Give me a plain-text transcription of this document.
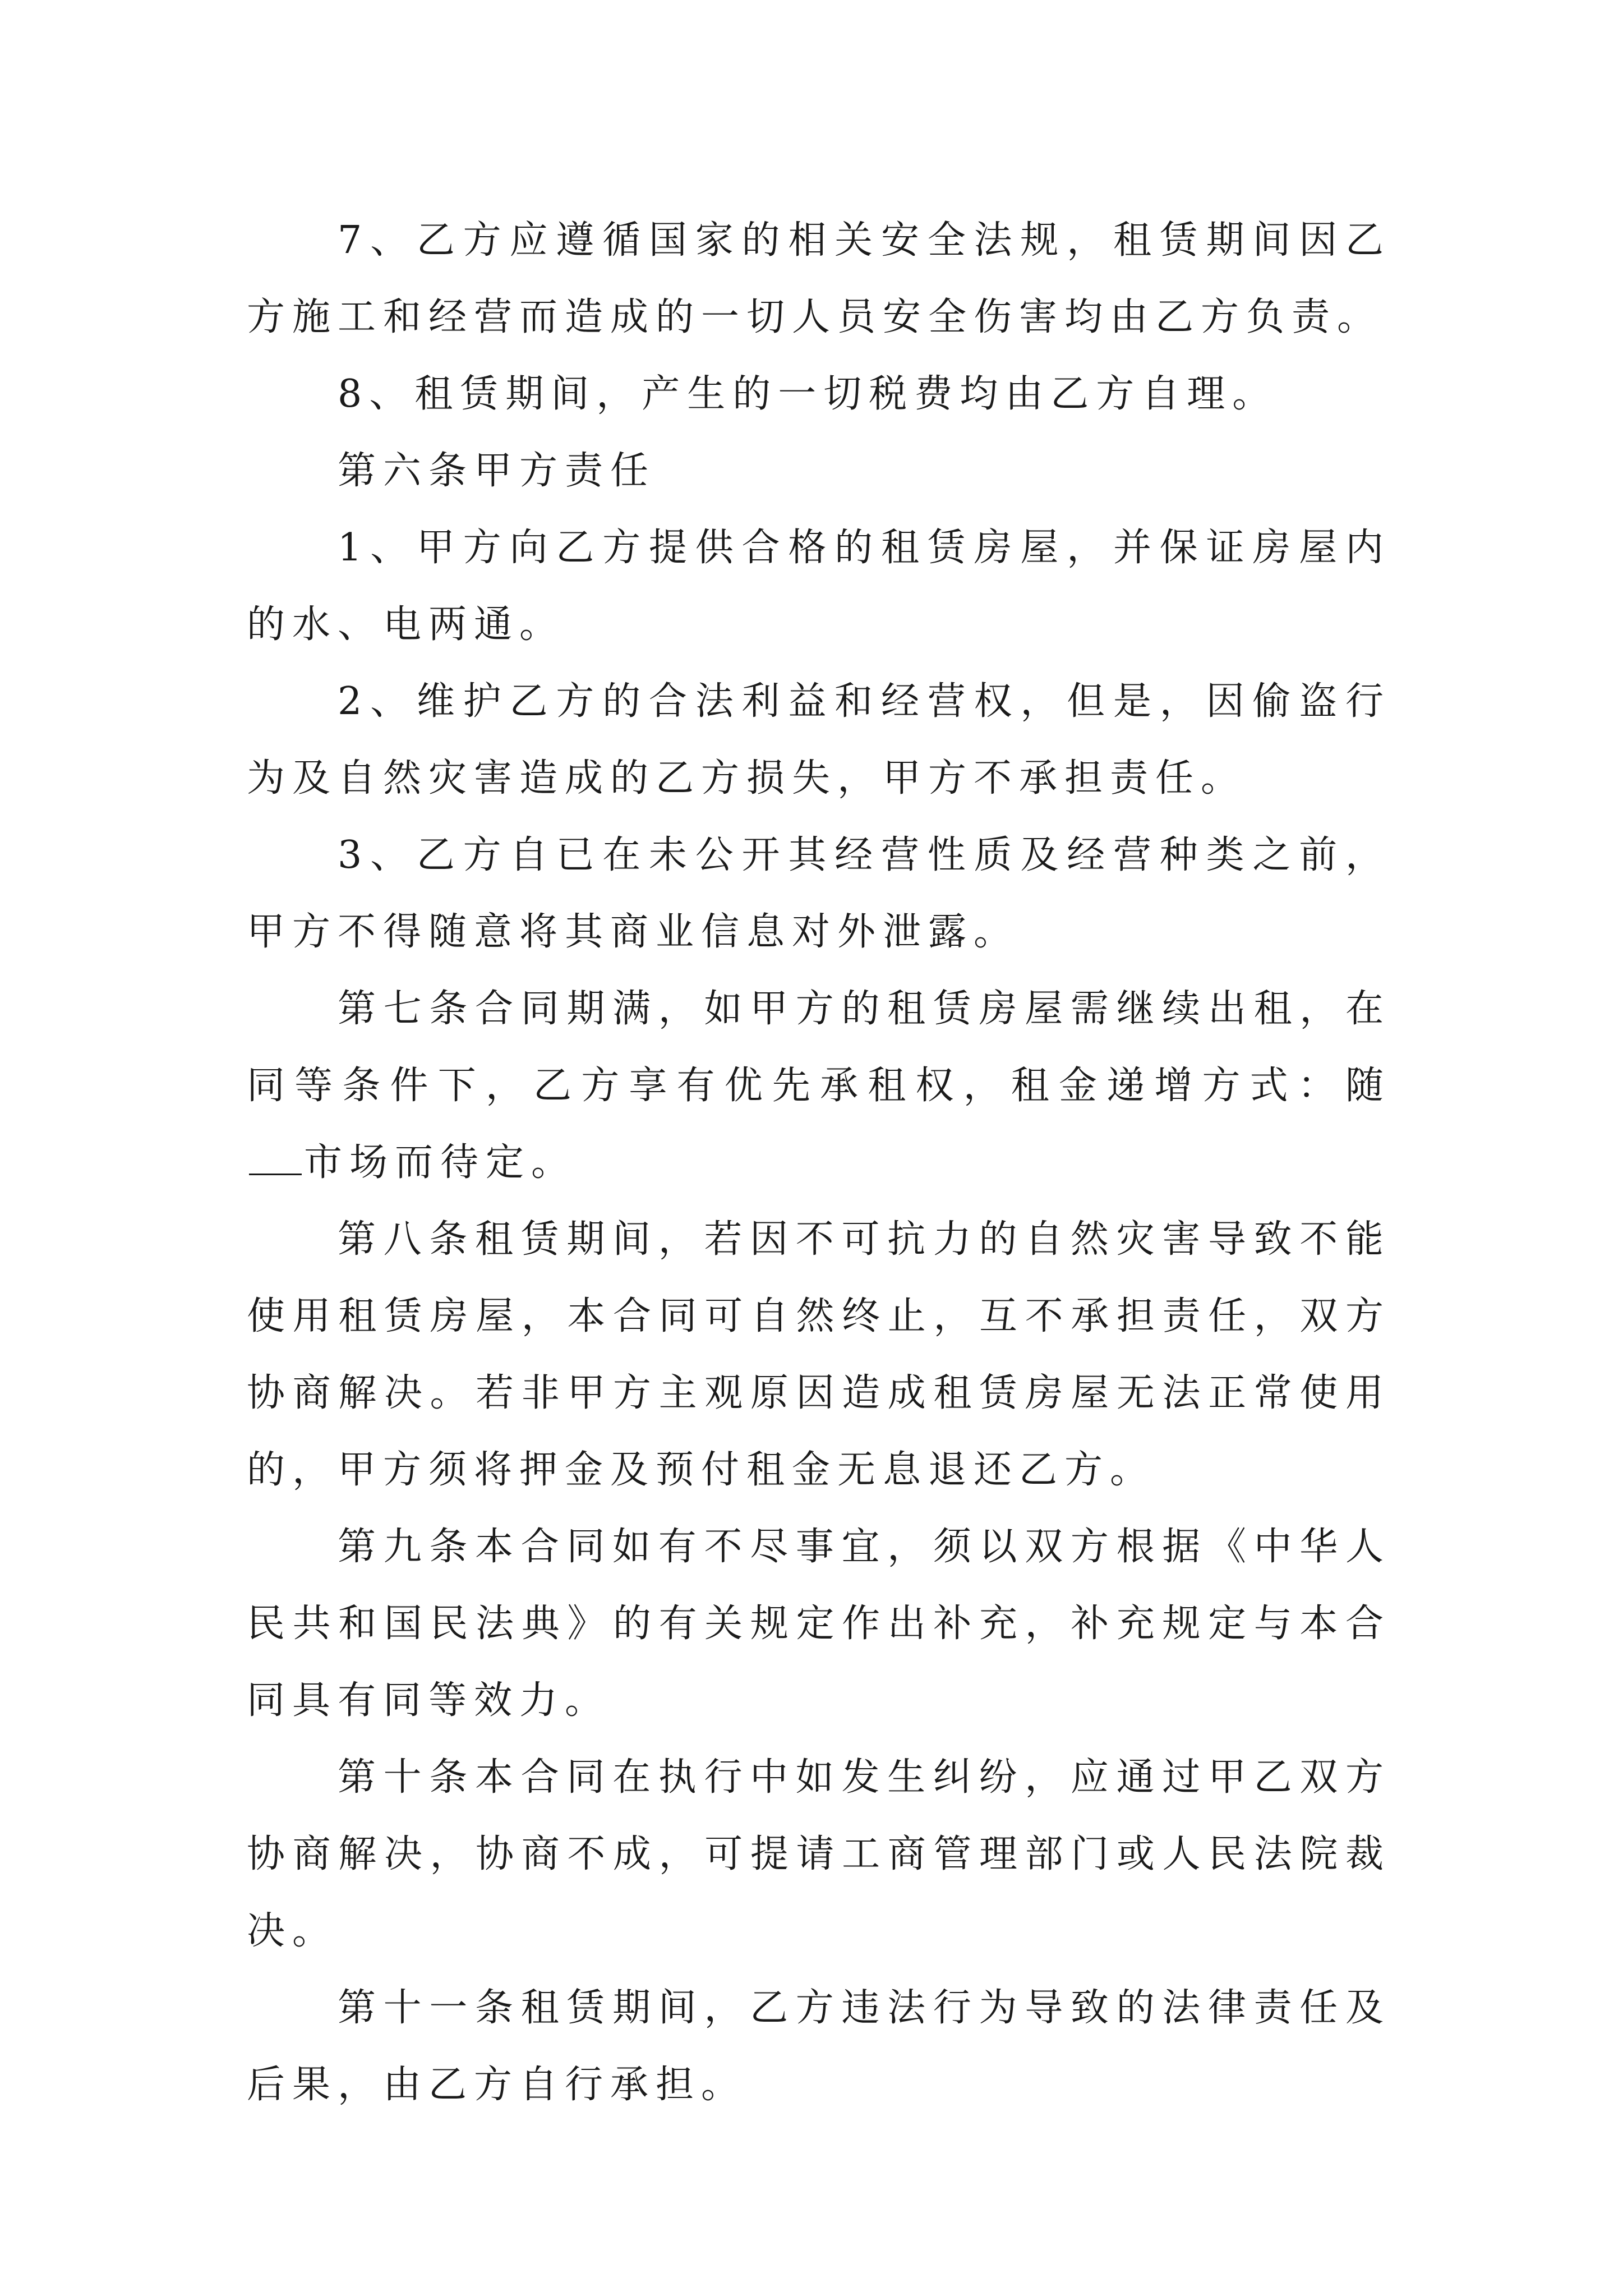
7、乙方应遵循国家的相关安全法规，租赁期间因乙方施工和经营而造成的一切人员安全伤害均由乙方负责。

8、租赁期间，产生的一切税费均由乙方自理。

第六条甲方责任

1、甲方向乙方提供合格的租赁房屋，并保证房屋内的水、电两通。

2、维护乙方的合法利益和经营权，但是，因偷盗行为及自然灾害造成的乙方损失，甲方不承担责任。

3、乙方自已在未公开其经营性质及经营种类之前，甲方不得随意将其商业信息对外泄露。

第七条合同期满，如甲方的租赁房屋需继续出租，在同等条件下，乙方享有优先承租权，租金递增方式：随市场而待定。

第八条租赁期间，若因不可抗力的自然灾害导致不能使用租赁房屋，本合同可自然终止，互不承担责任，双方协商解决。若非甲方主观原因造成租赁房屋无法正常使用的，甲方须将押金及预付租金无息退还乙方。

第九条本合同如有不尽事宜，须以双方根据《中华人民共和国民法典》的有关规定作出补充，补充规定与本合同具有同等效力。

第十条本合同在执行中如发生纠纷，应通过甲乙双方协商解决，协商不成，可提请工商管理部门或人民法院裁决。

第十一条租赁期间，乙方违法行为导致的法律责任及后果，由乙方自行承担。
